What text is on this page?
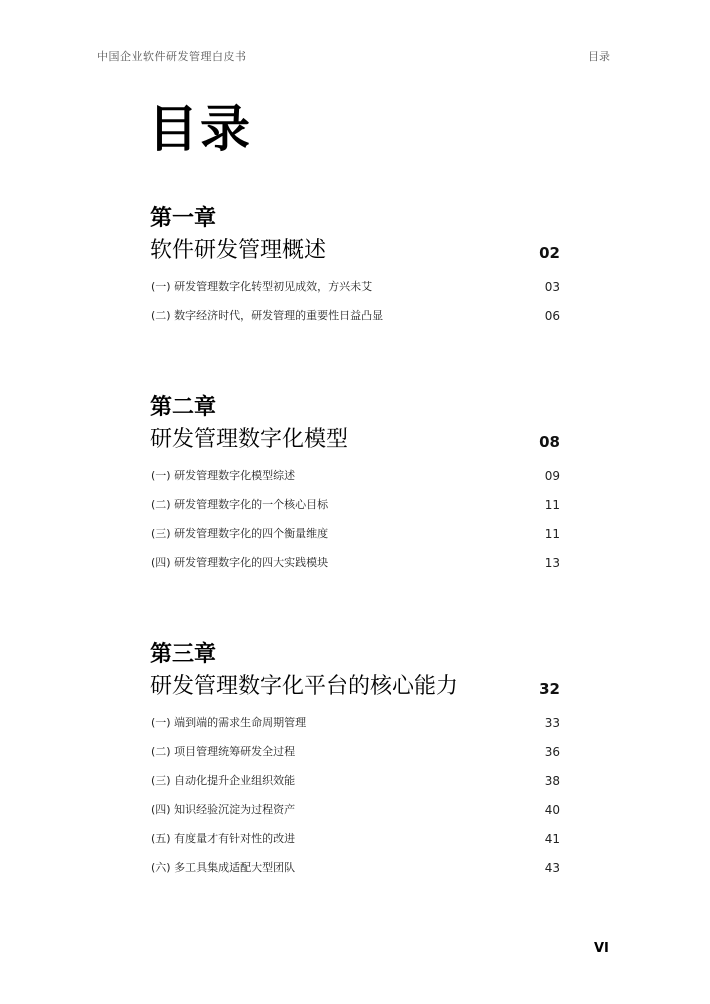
中国企业软件研发管理白皮书	目录
目录
第一章
软件研发管理概述	02
(一) 研发管理数字化转型初见成效，方兴未艾	03
(二) 数字经济时代，研发管理的重要性日益凸显	06
第二章
研发管理数字化模型	08
(一) 研发管理数字化模型综述	09
(二) 研发管理数字化的一个核心目标	11
(三) 研发管理数字化的四个衡量维度	11
(四) 研发管理数字化的四大实践模块	13
第三章
研发管理数字化平台的核心能力	32
(一) 端到端的需求生命周期管理	33
(二) 项目管理统筹研发全过程	36
(三) 自动化提升企业组织效能	38
(四) 知识经验沉淀为过程资产	40
(五) 有度量才有针对性的改进	41
(六) 多工具集成适配大型团队	43
VI
